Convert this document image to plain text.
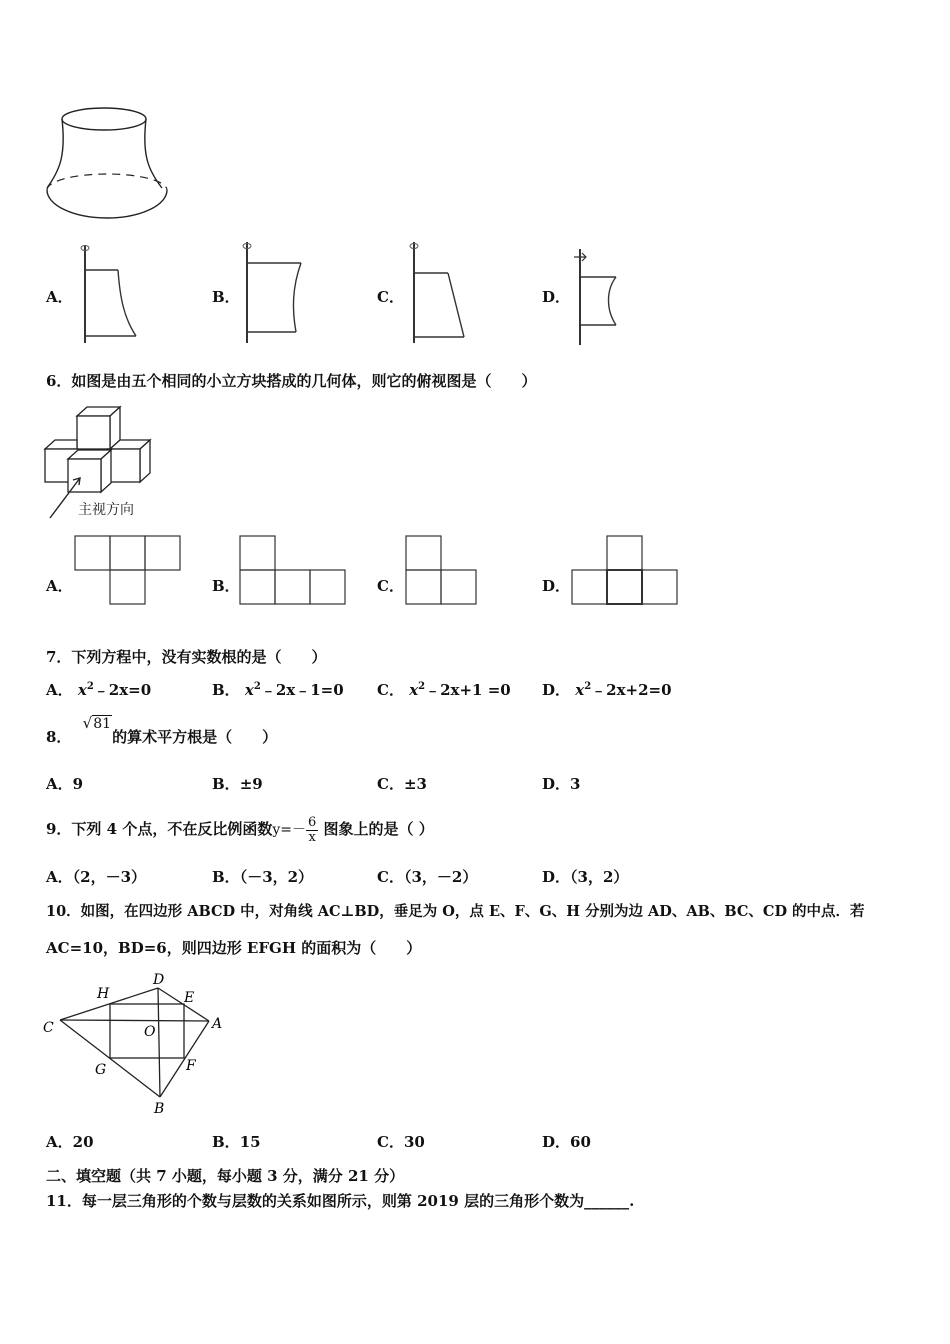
A．	B．	C．	D．
6．如图是由五个相同的小立方块搭成的几何体，则它的俯视图是（　　）
主视方向
A．	B．	C．	D．
7．下列方程中，没有实数根的是（　　）
A． $x^2﹣2x=0$	B． $x^2﹣2x﹣1=0$ C． $x^2﹣2x+1 =0$ D． $x^2﹣2x+2=0$
8． √81的算术平方根是（　　）
A．9	B．±9	C．±3	D．3
9．下列 4 个点，不在反比例函数$y=- \frac{6}{x}$ 图象上的是（ ）
A．（2，－3）	B．（－3，2）	C．（3，－2）	D．（3，2）
10．如图，在四边形 ABCD 中，对角线 AC⊥BD，垂足为 O，点 E、F、G、H 分别为边 AD、AB、BC、CD 的中点．若
AC=10，BD=6，则四边形 EFGH 的面积为（　　）
D
H	E
C	O	A
G	F
B
A．20	B．15	C．30	D．60
二、填空题（共 7 小题，每小题 3 分，满分 21 分）
11．每一层三角形的个数与层数的关系如图所示，则第 2019 层的三角形个数为______.
